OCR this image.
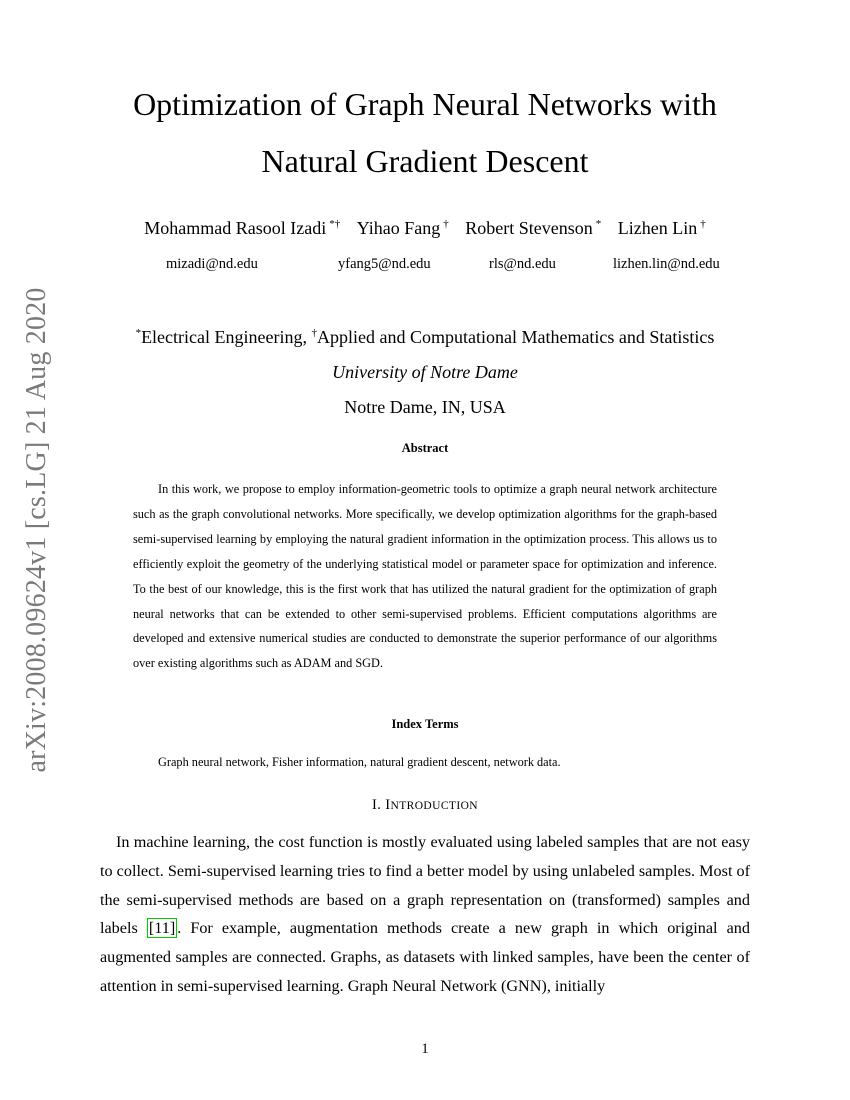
arXiv:2008.09624v1 [cs.LG] 21 Aug 2020
Optimization of Graph Neural Networks with
Natural Gradient Descent
Mohammad Rasool Izadi *† Yihao Fang † Robert Stevenson * Lizhen Lin †
mizadi@nd.edu	yfang5@nd.edu	rls@nd.edu	lizhen.lin@nd.edu
*Electrical Engineering, †Applied and Computational Mathematics and Statistics
University of Notre Dame
Notre Dame, IN, USA
Abstract

In this work, we propose to employ information-geometric tools to optimize a graph neural network architecture such as the graph convolutional networks. More specifically, we develop optimization algorithms for the graph-based semi-supervised learning by employing the natural gradient information in the optimization process. This allows us to efficiently exploit the geometry of the underlying statistical model or parameter space for optimization and inference. To the best of our knowledge, this is the first work that has utilized the natural gradient for the optimization of graph neural networks that can be extended to other semi-supervised problems. Efficient computations algorithms are developed and extensive numerical studies are conducted to demonstrate the superior performance of our algorithms over existing algorithms such as ADAM and SGD.

Index Terms
Graph neural network, Fisher information, natural gradient descent, network data.
I. INTRODUCTION

In machine learning, the cost function is mostly evaluated using labeled samples that are not easy to collect. Semi-supervised learning tries to find a better model by using unlabeled samples. Most of the semi-supervised methods are based on a graph representation on (transformed) samples and labels [11] . For example, augmentation methods create a new graph in which original and augmented samples are connected. Graphs, as datasets with linked samples, have been the center of attention in semi-supervised learning. Graph Neural Network (GNN), initially

1
